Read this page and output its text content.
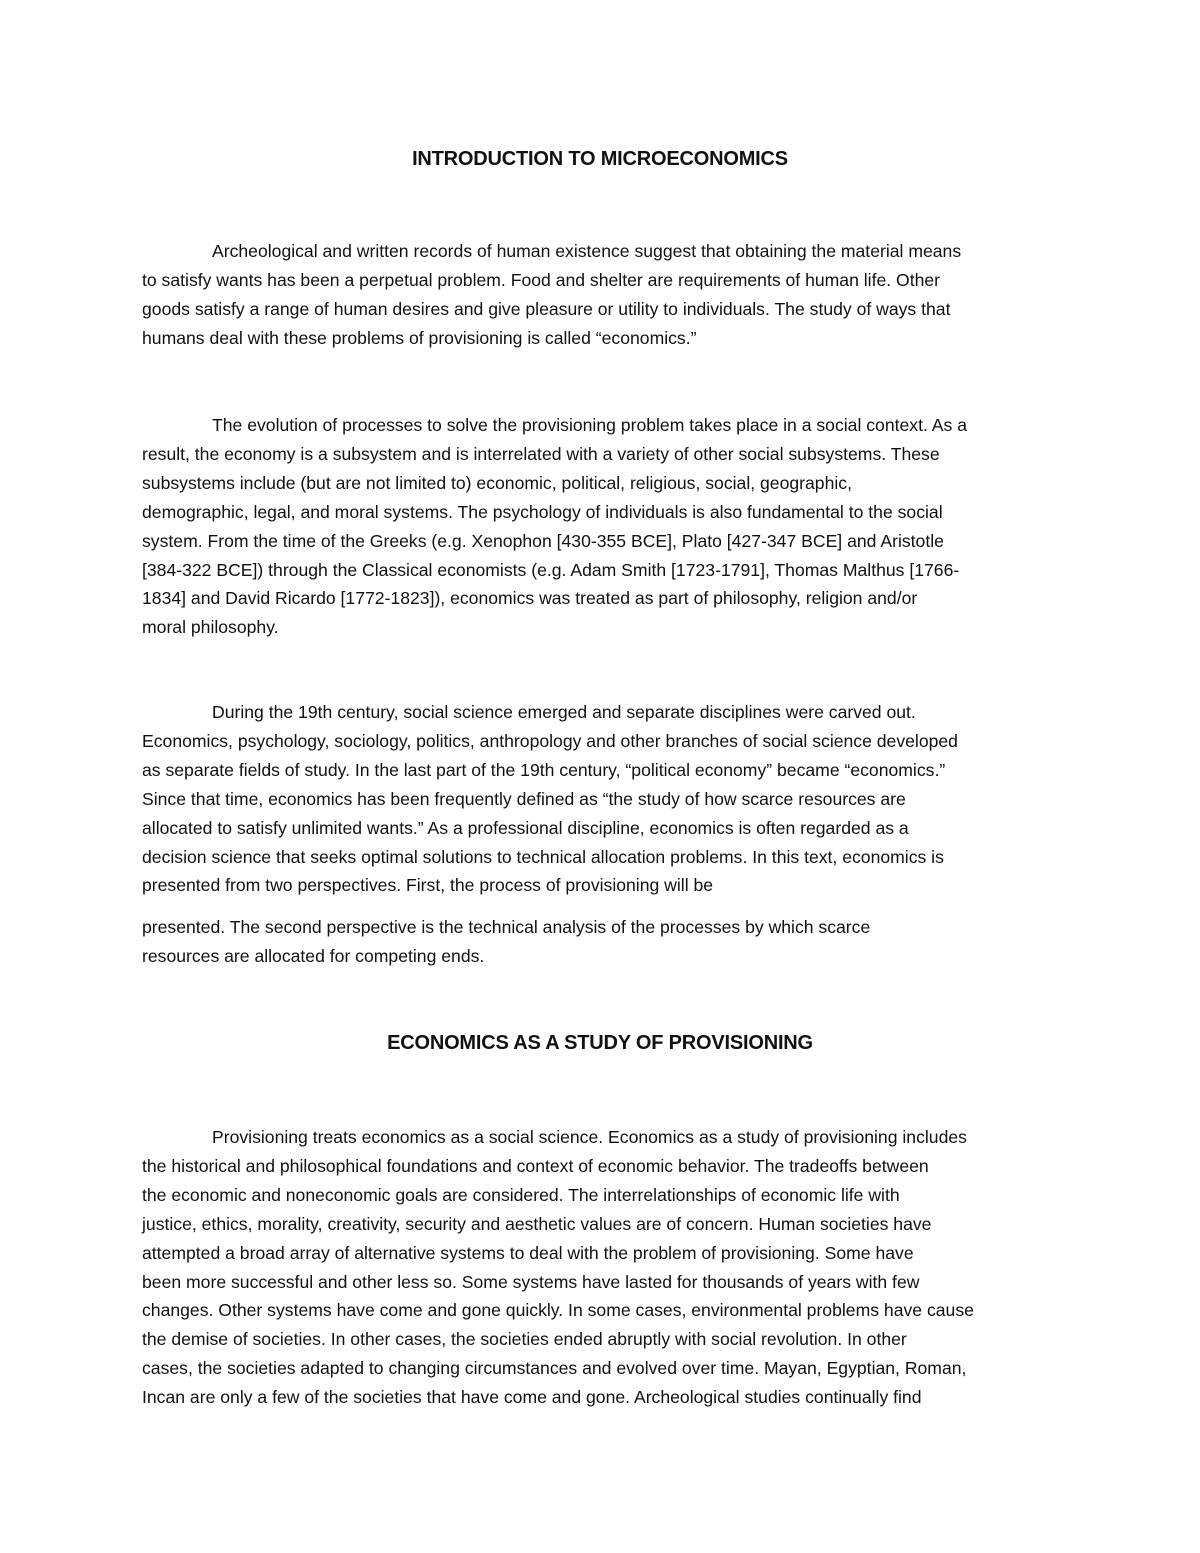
INTRODUCTION TO MICROECONOMICS
Archeological and written records of human existence suggest that obtaining the material means
to satisfy wants has been a perpetual problem. Food and shelter are requirements of human life. Other
goods satisfy a range of human desires and give pleasure or utility to individuals. The study of ways that
humans deal with these problems of provisioning is called “economics.”
The evolution of processes to solve the provisioning problem takes place in a social context. As a
result, the economy is a subsystem and is interrelated with a variety of other social subsystems. These
subsystems include (but are not limited to) economic, political, religious, social, geographic,
demographic, legal, and moral systems. The psychology of individuals is also fundamental to the social
system. From the time of the Greeks (e.g. Xenophon [430-355 BCE], Plato [427-347 BCE] and Aristotle
[384-322 BCE]) through the Classical economists (e.g. Adam Smith [1723-1791], Thomas Malthus [1766-
1834] and David Ricardo [1772-1823]), economics was treated as part of philosophy, religion and/or
moral philosophy.
During the 19th century, social science emerged and separate disciplines were carved out.
Economics, psychology, sociology, politics, anthropology and other branches of social science developed
as separate fields of study. In the last part of the 19th century, “political economy” became “economics.”
Since that time, economics has been frequently defined as “the study of how scarce resources are
allocated to satisfy unlimited wants.” As a professional discipline, economics is often regarded as a
decision science that seeks optimal solutions to technical allocation problems. In this text, economics is
presented from two perspectives. First, the process of provisioning will be
presented. The second perspective is the technical analysis of the processes by which scarce
resources are allocated for competing ends.
ECONOMICS AS A STUDY OF PROVISIONING
Provisioning treats economics as a social science. Economics as a study of provisioning includes
the historical and philosophical foundations and context of economic behavior. The tradeoffs between
the economic and noneconomic goals are considered. The interrelationships of economic life with
justice, ethics, morality, creativity, security and aesthetic values are of concern. Human societies have
attempted a broad array of alternative systems to deal with the problem of provisioning. Some have
been more successful and other less so. Some systems have lasted for thousands of years with few
changes. Other systems have come and gone quickly. In some cases, environmental problems have cause
the demise of societies. In other cases, the societies ended abruptly with social revolution. In other
cases, the societies adapted to changing circumstances and evolved over time. Mayan, Egyptian, Roman,
Incan are only a few of the societies that have come and gone. Archeological studies continually find
